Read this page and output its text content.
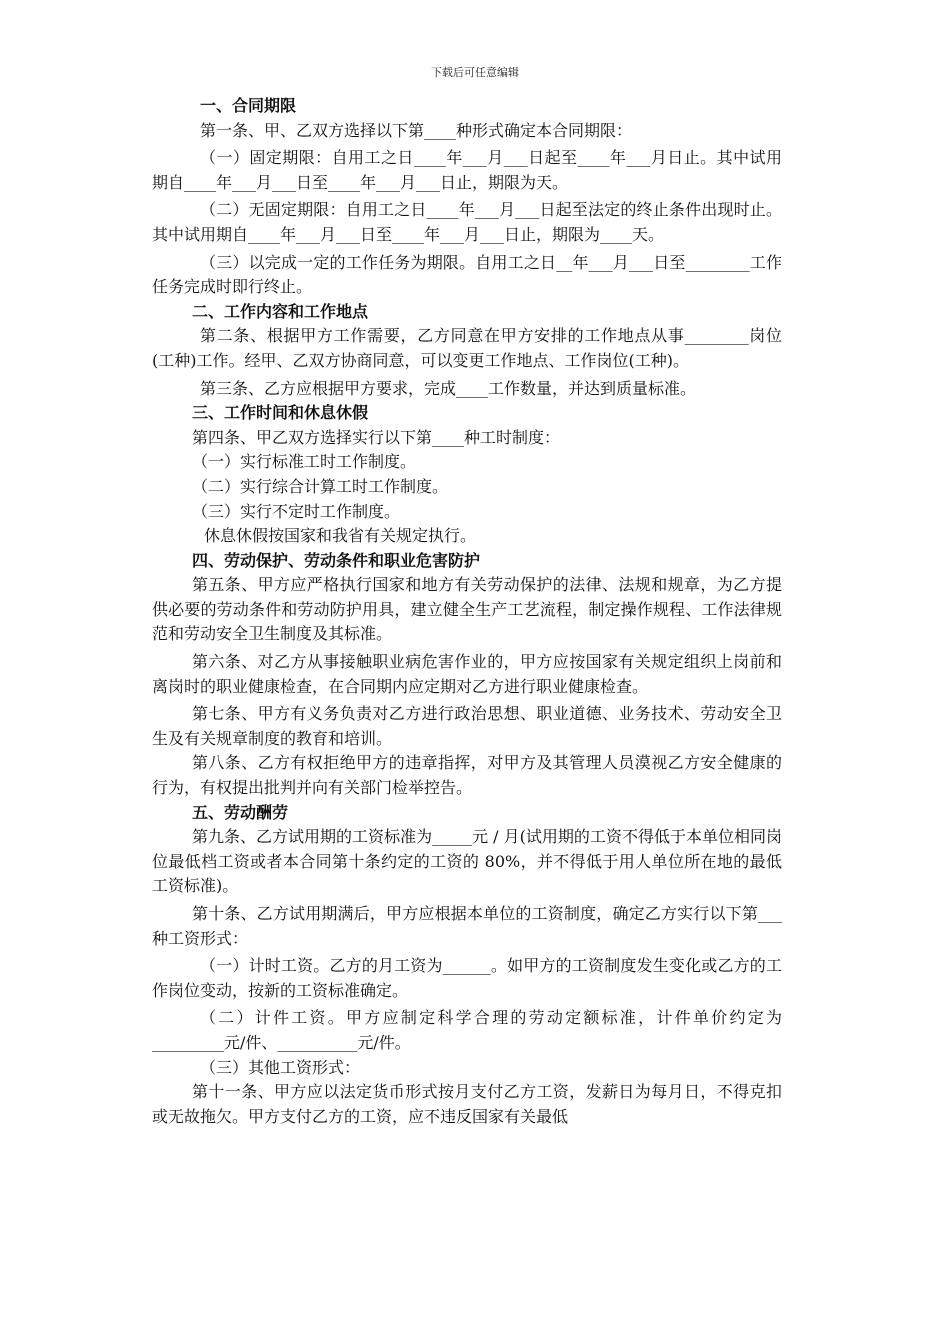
下载后可任意编辑

一、合同期限

第一条、甲、乙双方选择以下第____种形式确定本合同期限：

（一）固定期限：自用工之日____年___月___日起至____年___月日止。其中试用期自____年___月___日至____年___月___日止，期限为天。

（二）无固定期限：自用工之日____年___月___日起至法定的终止条件出现时止。其中试用期自____年___月___日至____年___月___日止，期限为____天。

（三）以完成一定的工作任务为期限。自用工之日__年___月___日至________工作任务完成时即行终止。

二、工作内容和工作地点

第二条、根据甲方工作需要，乙方同意在甲方安排的工作地点从事________岗位(工种)工作。经甲、乙双方协商同意，可以变更工作地点、工作岗位(工种)。

第三条、乙方应根据甲方要求，完成____工作数量，并达到质量标准。

三、工作时间和休息休假

第四条、甲乙双方选择实行以下第____种工时制度：

（一）实行标准工时工作制度。

（二）实行综合计算工时工作制度。

（三）实行不定时工作制度。

休息休假按国家和我省有关规定执行。

四、劳动保护、劳动条件和职业危害防护

第五条、甲方应严格执行国家和地方有关劳动保护的法律、法规和规章，为乙方提供必要的劳动条件和劳动防护用具，建立健全生产工艺流程，制定操作规程、工作法律规范和劳动安全卫生制度及其标准。

第六条、对乙方从事接触职业病危害作业的，甲方应按国家有关规定组织上岗前和离岗时的职业健康检查，在合同期内应定期对乙方进行职业健康检查。

第七条、甲方有义务负责对乙方进行政治思想、职业道德、业务技术、劳动安全卫生及有关规章制度的教育和培训。

第八条、乙方有权拒绝甲方的违章指挥，对甲方及其管理人员漠视乙方安全健康的行为，有权提出批判并向有关部门检举控告。

五、劳动酬劳

第九条、乙方试用期的工资标准为_____元 / 月(试用期的工资不得低于本单位相同岗位最低档工资或者本合同第十条约定的工资的 80%，并不得低于用人单位所在地的最低工资标准)。

第十条、乙方试用期满后，甲方应根据本单位的工资制度，确定乙方实行以下第___种工资形式：

（一）计时工资。乙方的月工资为______。如甲方的工资制度发生变化或乙方的工作岗位变动，按新的工资标准确定。

（二）计件工资。甲方应制定科学合理的劳动定额标准，计件单价约定为_________元/件、__________元/件。

（三）其他工资形式：

第十一条、甲方应以法定货币形式按月支付乙方工资，发薪日为每月日，不得克扣或无故拖欠。甲方支付乙方的工资，应不违反国家有关最低
